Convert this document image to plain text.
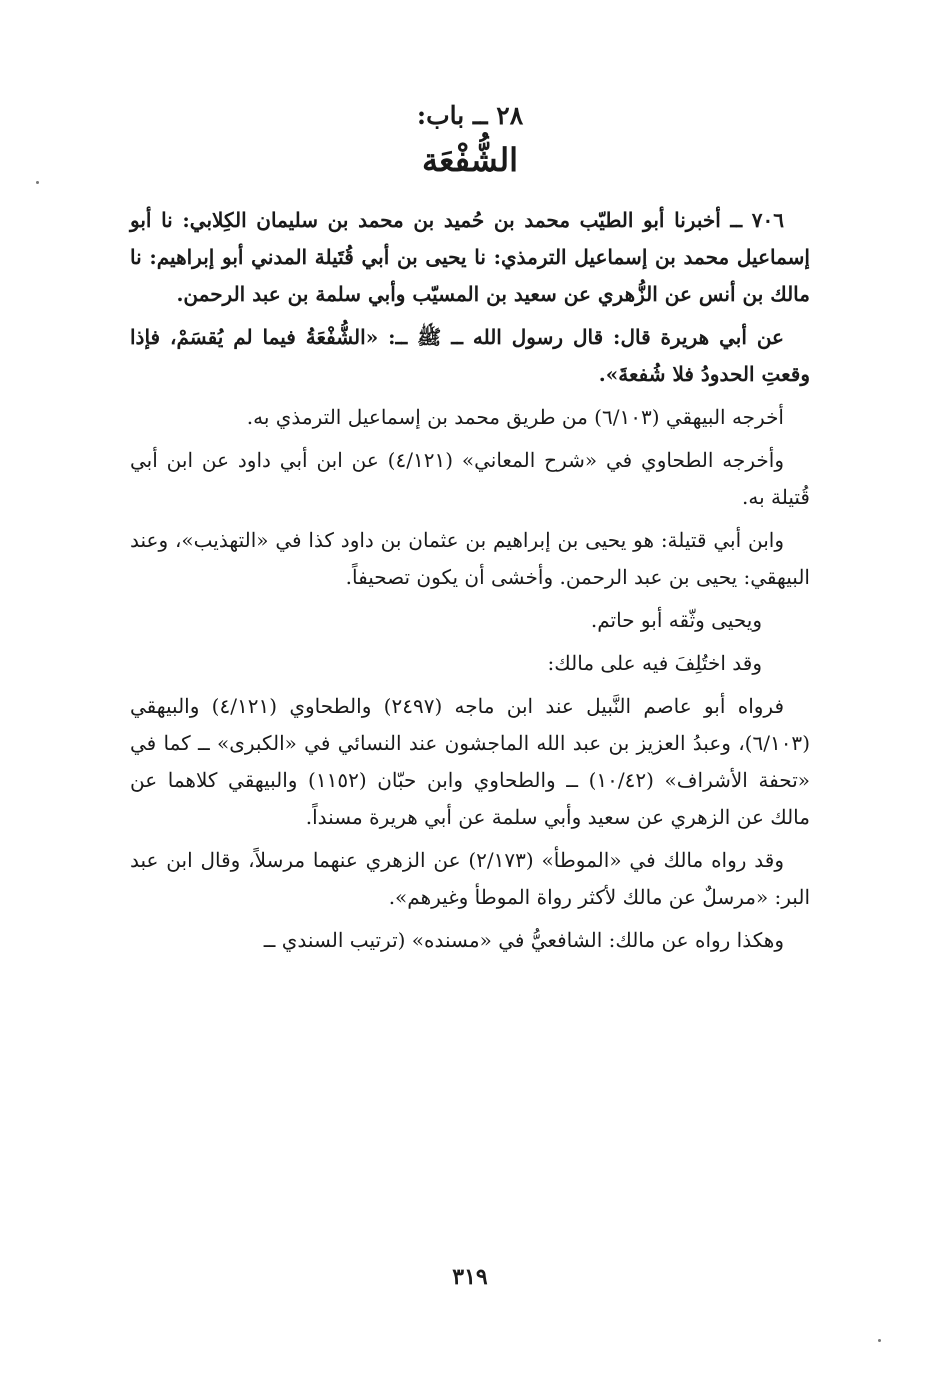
٢٨ ــ باب:
الشُّفْعَة

٧٠٦ ــ أخبرنا أبو الطيّب محمد بن حُميد بن محمد بن سليمان الكِلابي: نا أبو إسماعيل محمد بن إسماعيل الترمذي: نا يحيى بن أبي قُتَيلة المدني أبو إبراهيم: نا مالك بن أنس عن الزُّهري عن سعيد بن المسيّب وأبي سلمة بن عبد الرحمن.

عن أبي هريرة قال: قال رسول الله ــ ﷺ ــ: «الشُّفْعَةُ فيما لم يُقسَمْ، فإذا وقعتِ الحدودُ فلا شُفعةَ».

أخرجه البيهقي (٦/١٠٣) من طريق محمد بن إسماعيل الترمذي به.

وأخرجه الطحاوي في «شرح المعاني» (٤/١٢١) عن ابن أبي داود عن ابن أبي قُتيلة به.

وابن أبي قتيلة: هو يحيى بن إبراهيم بن عثمان بن داود كذا في «التهذيب»، وعند البيهقي: يحيى بن عبد الرحمن. وأخشى أن يكون تصحيفاً.

ويحيى وثّقه أبو حاتم.

وقد اختُلِفَ فيه على مالك:

فرواه أبو عاصم النَّبيل عند ابن ماجه (٢٤٩٧) والطحاوي (٤/١٢١) والبيهقي (٦/١٠٣)، وعبدُ العزيز بن عبد الله الماجشون عند النسائي في «الكبرى» ــ كما في «تحفة الأشراف» (١٠/٤٢) ــ والطحاوي وابن حبّان (١١٥٢) والبيهقي كلاهما عن مالك عن الزهري عن سعيد وأبي سلمة عن أبي هريرة مسنداً.

وقد رواه مالك في «الموطأ» (٢/١٧٣) عن الزهري عنهما مرسلاً، وقال ابن عبد البر: «مرسلٌ عن مالك لأكثر رواة الموطأ وغيرهم».

وهكذا رواه عن مالك: الشافعيُّ في «مسنده» (ترتيب السندي ــ

٣١٩
